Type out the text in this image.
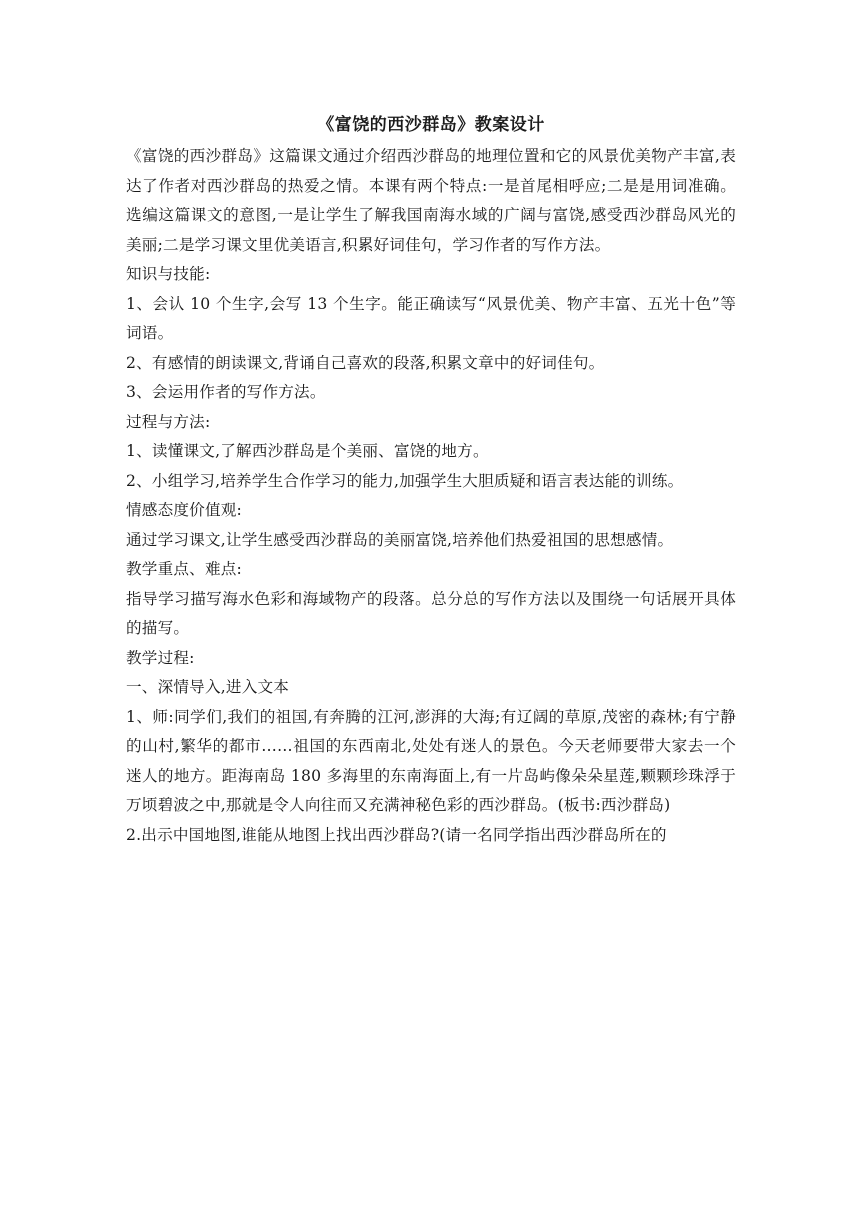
《富饶的西沙群岛》教案设计

《富饶的西沙群岛》这篇课文通过介绍西沙群岛的地理位置和它的风景优美物产丰富,表达了作者对西沙群岛的热爱之情。本课有两个特点:一是首尾相呼应;二是是用词准确。选编这篇课文的意图,一是让学生了解我国南海水域的广阔与富饶,感受西沙群岛风光的美丽;二是学习课文里优美语言,积累好词佳句，学习作者的写作方法。

知识与技能:

1、会认 10 个生字,会写 13 个生字。能正确读写“风景优美、物产丰富、五光十色”等词语。

2、有感情的朗读课文,背诵自己喜欢的段落,积累文章中的好词佳句。

3、会运用作者的写作方法。

过程与方法:

1、读懂课文,了解西沙群岛是个美丽、富饶的地方。

2、小组学习,培养学生合作学习的能力,加强学生大胆质疑和语言表达能的训练。

情感态度价值观:

通过学习课文,让学生感受西沙群岛的美丽富饶,培养他们热爱祖国的思想感情。

教学重点、难点:

指导学习描写海水色彩和海域物产的段落。总分总的写作方法以及围绕一句话展开具体的描写。

教学过程:

一、深情导入,进入文本

1、师:同学们,我们的祖国,有奔腾的江河,澎湃的大海;有辽阔的草原,茂密的森林;有宁静的山村,繁华的都市……祖国的东西南北,处处有迷人的景色。今天老师要带大家去一个迷人的地方。距海南岛 180 多海里的东南海面上,有一片岛屿像朵朵星莲,颗颗珍珠浮于万顷碧波之中,那就是令人向往而又充满神秘色彩的西沙群岛。(板书:西沙群岛)

2.出示中国地图,谁能从地图上找出西沙群岛?(请一名同学指出西沙群岛所在的
